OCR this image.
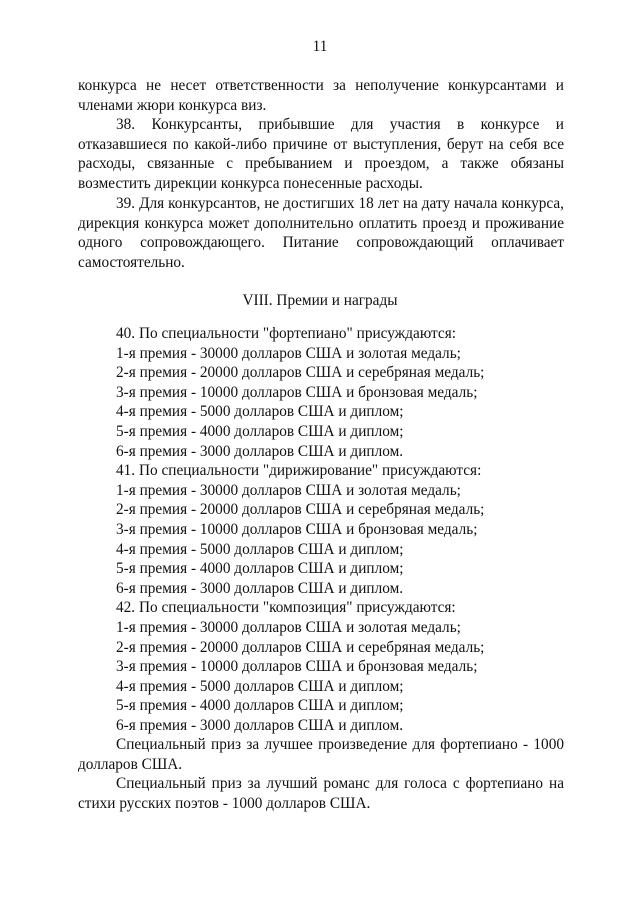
11
конкурса не несет ответственности за неполучение конкурсантами и членами жюри конкурса виз.
38. Конкурсанты, прибывшие для участия в конкурсе и отказавшиеся по какой-либо причине от выступления, берут на себя все расходы, связанные с пребыванием и проездом, а также обязаны возместить дирекции конкурса понесенные расходы.
39. Для конкурсантов, не достигших 18 лет на дату начала конкурса, дирекция конкурса может дополнительно оплатить проезд и проживание одного сопровождающего. Питание сопровождающий оплачивает самостоятельно.
VIII. Премии и награды
40. По специальности "фортепиано" присуждаются:
1-я премия - 30000 долларов США и золотая медаль;
2-я премия - 20000 долларов США и серебряная медаль;
3-я премия - 10000 долларов США и бронзовая медаль;
4-я премия - 5000 долларов США и диплом;
5-я премия - 4000 долларов США и диплом;
6-я премия - 3000 долларов США и диплом.
41. По специальности "дирижирование" присуждаются:
1-я премия - 30000 долларов США и золотая медаль;
2-я премия - 20000 долларов США и серебряная медаль;
3-я премия - 10000 долларов США и бронзовая медаль;
4-я премия - 5000 долларов США и диплом;
5-я премия - 4000 долларов США и диплом;
6-я премия - 3000 долларов США и диплом.
42. По специальности "композиция" присуждаются:
1-я премия - 30000 долларов США и золотая медаль;
2-я премия - 20000 долларов США и серебряная медаль;
3-я премия - 10000 долларов США и бронзовая медаль;
4-я премия - 5000 долларов США и диплом;
5-я премия - 4000 долларов США и диплом;
6-я премия - 3000 долларов США и диплом.
Специальный приз за лучшее произведение для фортепиано - 1000 долларов США.
Специальный приз за лучший романс для голоса с фортепиано на стихи русских поэтов - 1000 долларов США.
